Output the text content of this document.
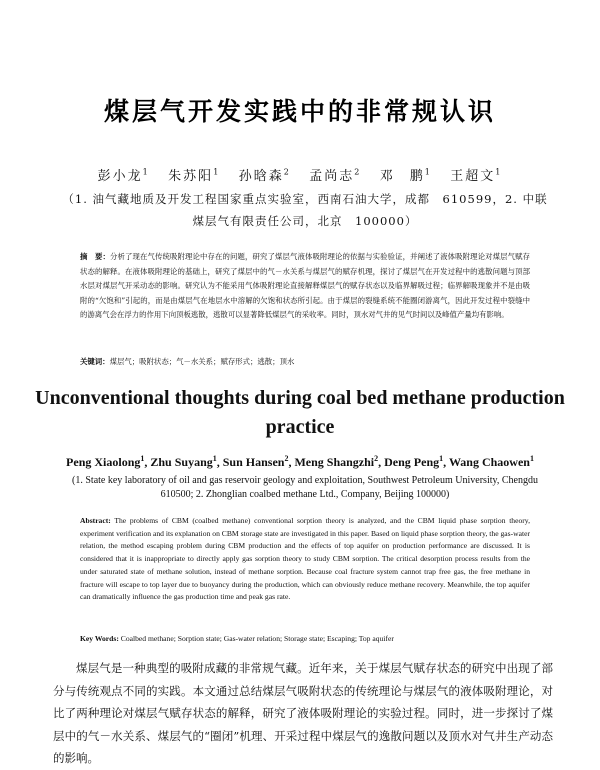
煤层气开发实践中的非常规认识
彭小龙$^1$ 朱苏阳$^1$ 孙晗森$^2$ 孟尚志$^2$ 邓　鹏$^1$ 王超文$^1$
（1. 油气藏地质及开发工程国家重点实验室，西南石油大学，成都　610599，2. 中联煤层气有限责任公司，北京　100000）
摘　要：分析了现在气传统吸附理论中存在的问题，研究了煤层气液体吸附理论的依据与实验验证，并阐述了液体吸附理论对煤层气赋存状态的解释。在液体吸附理论的基础上，研究了煤层中的气－水关系与煤层气的赋存机理，探讨了煤层气在开发过程中的逃散问题与顶部水层对煤层气开采动态的影响。研究认为不能采用气体吸附理论直接解释煤层气的赋存状态以及临界解吸过程；临界解吸现象并不是由吸附的“欠饱和”引起的，而是由煤层气在地层水中溶解的欠饱和状态所引起。由于煤层的裂缝系统不能圈闭游离气，因此开发过程中裂缝中的游离气会在浮力的作用下向顶板逃散，逃散可以显著降低煤层气的采收率。同时，顶水对气井的见气时间以及峰值产量均有影响。
关键词：煤层气；吸附状态；气－水关系；赋存形式；逃散；顶水
Unconventional thoughts during coal bed methane production practice
Peng Xiaolong$^1$, Zhu Suyang$^1$, Sun Hansen$^2$, Meng Shangzhi$^2$, Deng Peng$^1$, Wang Chaowen$^1$
(1. State key laboratory of oil and gas reservoir geology and exploitation, Southwest Petroleum University, Chengdu 610500; 2. Zhonglian coalbed methane Ltd., Company, Beijing 100000)
Abstract: The problems of CBM (coalbed methane) conventional sorption theory is analyzed, and the CBM liquid phase sorption theory, experiment verification and its explanation on CBM storage state are investigated in this paper. Based on liquid phase sorption theory, the gas-water relation, the method escaping problem during CBM production and the effects of top aquifer on production performance are discussed. It is considered that it is inappropriate to directly apply gas sorption theory to study CBM sorption. The critical desorption process results from the under saturated state of methane solution, instead of methane sorption. Because coal fracture system cannot trap free gas, the free methane in fracture will escape to top layer due to buoyancy during the production, which can obviously reduce methane recovery. Meanwhile, the top aquifer can dramatically influence the gas production time and peak gas rate.
Key Words: Coalbed methane; Sorption state; Gas-water relation; Storage state; Escaping; Top aquifer
煤层气是一种典型的吸附成藏的非常规气藏。近年来，关于煤层气赋存状态的研究中出现了部分与传统观点不同的实践。本文通过总结煤层气吸附状态的传统理论与煤层气的液体吸附理论，对比了两种理论对煤层气赋存状态的解释，研究了液体吸附理论的实验过程。同时，进一步探讨了煤层中的气－水关系、煤层气的“圈闭”机理、开采过程中煤层气的逸散问题以及顶水对气井生产动态的影响。
